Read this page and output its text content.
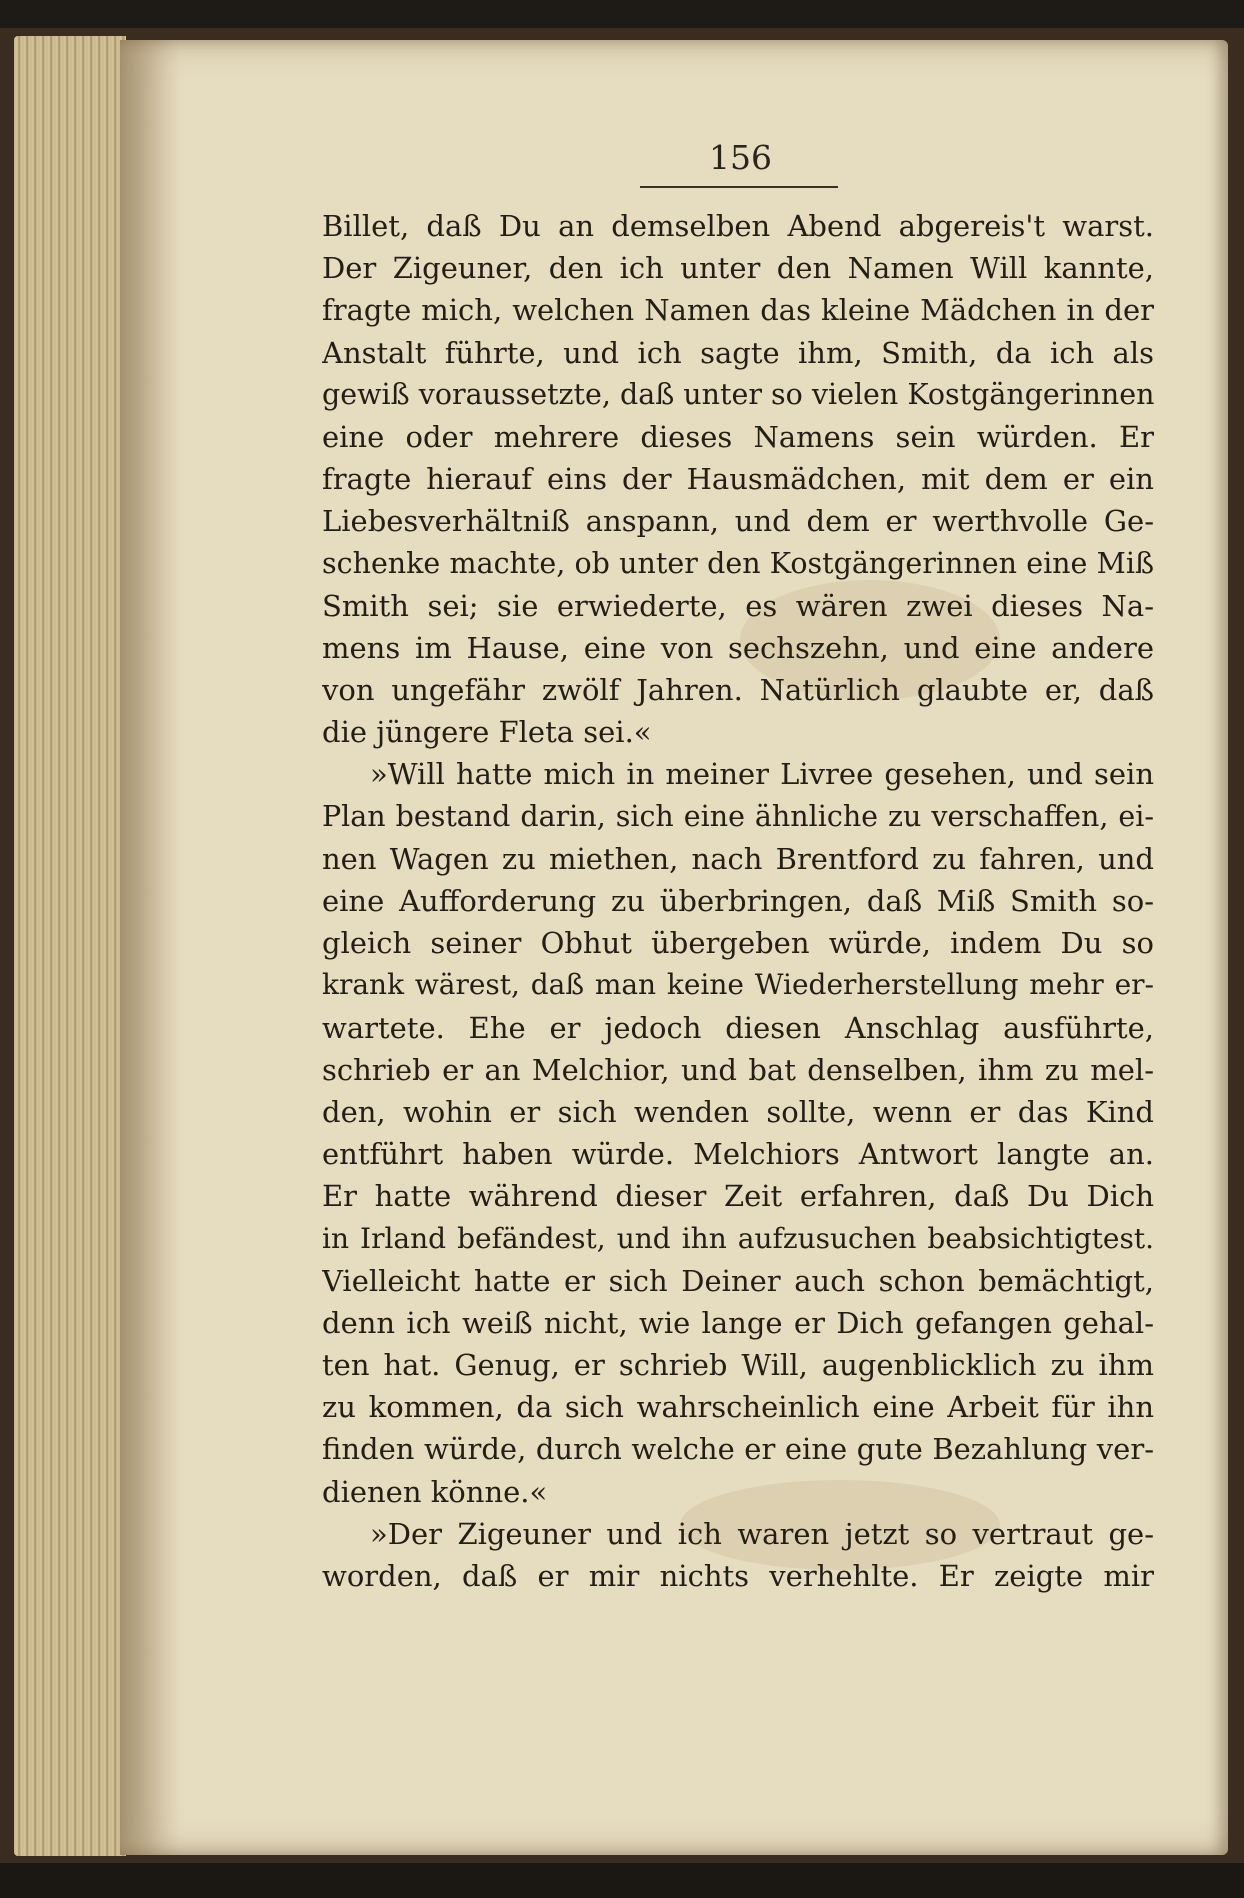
156
Billet, daß Du an demselben Abend abgereis't warst.
Der Zigeuner, den ich unter den Namen Will kannte,
fragte mich, welchen Namen das kleine Mädchen in der
Anstalt führte, und ich sagte ihm, Smith, da ich als
gewiß voraussetzte, daß unter so vielen Kostgängerinnen
eine oder mehrere dieses Namens sein würden. Er
fragte hierauf eins der Hausmädchen, mit dem er ein
Liebesverhältniß anspann, und dem er werthvolle Ge-
schenke machte, ob unter den Kostgängerinnen eine Miß
Smith sei; sie erwiederte, es wären zwei dieses Na-
mens im Hause, eine von sechszehn, und eine andere
von ungefähr zwölf Jahren. Natürlich glaubte er, daß
die jüngere Fleta sei.«
»Will hatte mich in meiner Livree gesehen, und sein
Plan bestand darin, sich eine ähnliche zu verschaffen, ei-
nen Wagen zu miethen, nach Brentford zu fahren, und
eine Aufforderung zu überbringen, daß Miß Smith so-
gleich seiner Obhut übergeben würde, indem Du so
krank wärest, daß man keine Wiederherstellung mehr er-
wartete. Ehe er jedoch diesen Anschlag ausführte,
schrieb er an Melchior, und bat denselben, ihm zu mel-
den, wohin er sich wenden sollte, wenn er das Kind
entführt haben würde. Melchiors Antwort langte an.
Er hatte während dieser Zeit erfahren, daß Du Dich
in Irland befändest, und ihn aufzusuchen beabsichtigtest.
Vielleicht hatte er sich Deiner auch schon bemächtigt,
denn ich weiß nicht, wie lange er Dich gefangen gehal-
ten hat. Genug, er schrieb Will, augenblicklich zu ihm
zu kommen, da sich wahrscheinlich eine Arbeit für ihn
finden würde, durch welche er eine gute Bezahlung ver-
dienen könne.«
»Der Zigeuner und ich waren jetzt so vertraut ge-
worden, daß er mir nichts verhehlte. Er zeigte mir
